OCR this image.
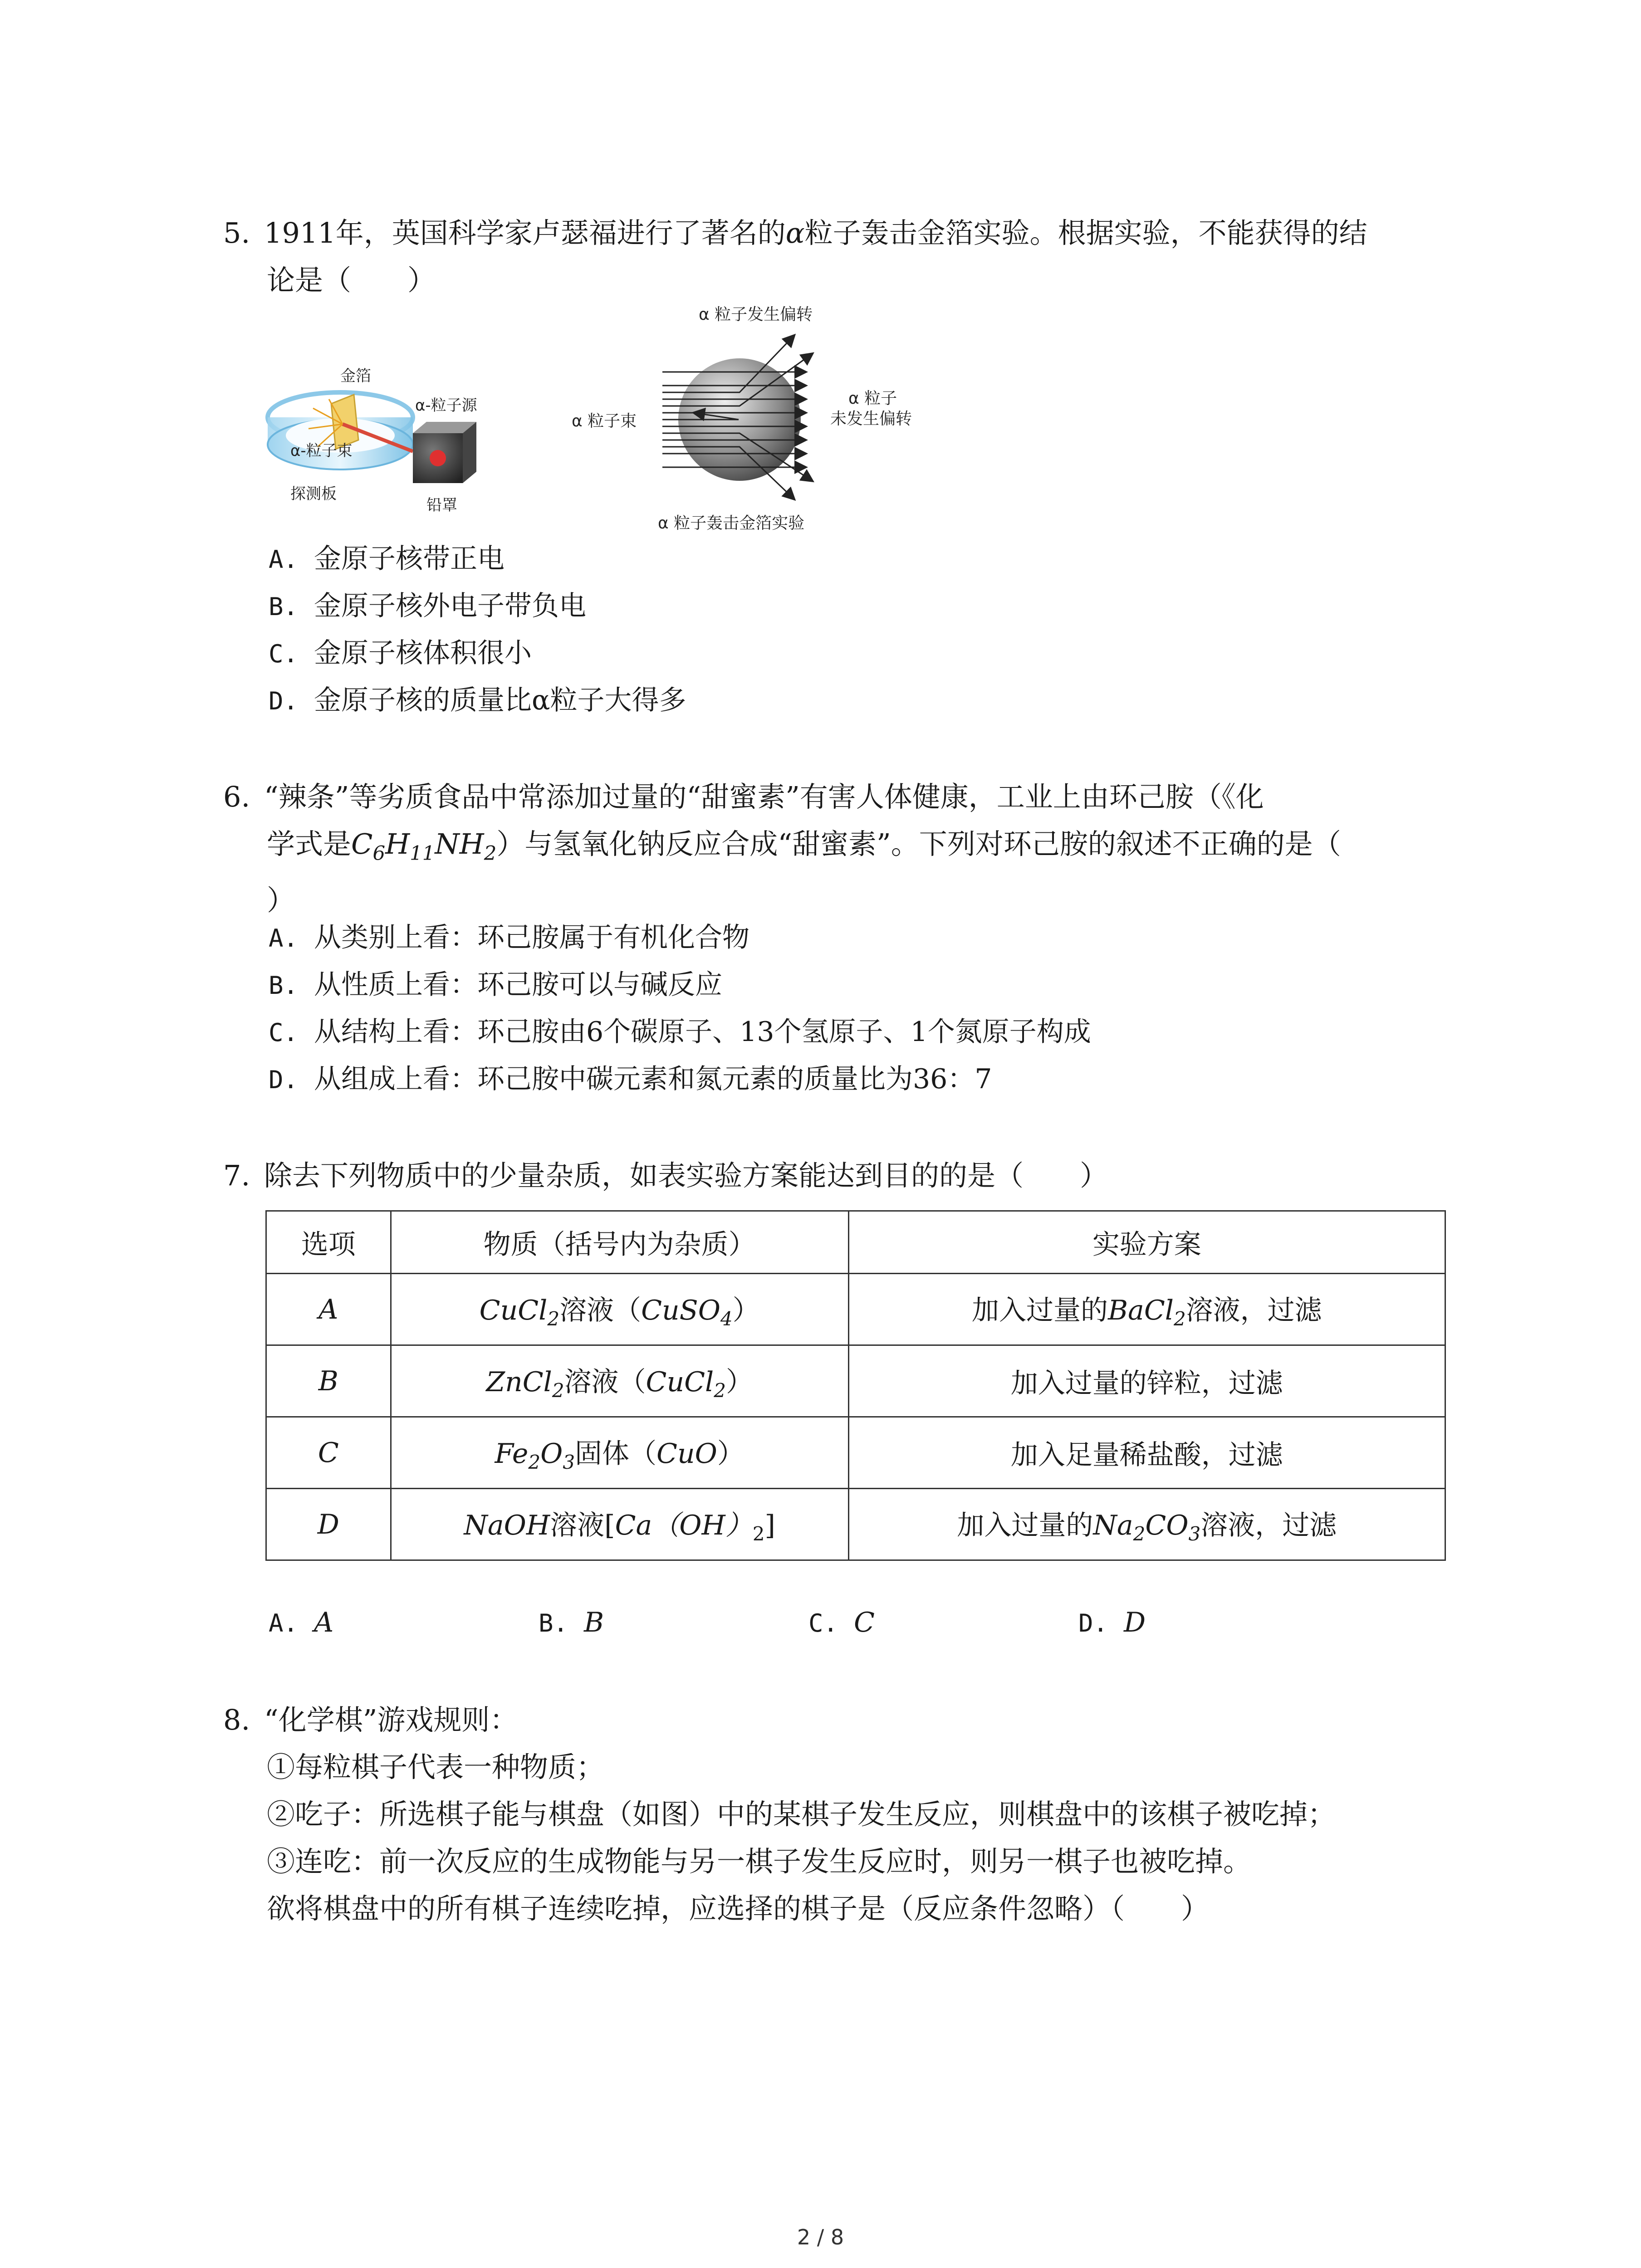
5. 1911年，英国科学家卢瑟福进行了著名的α粒子轰击金箔实验。根据实验，不能获得的结
论是（　　）
金箔
α-粒子源
α-粒子束
探测板
铅罩
α 粒子发生偏转
α 粒子束
α 粒子
未发生偏转
α 粒子轰击金箔实验
A. 金原子核带正电
B. 金原子核外电子带负电
C. 金原子核体积很小
D. 金原子核的质量比α粒子大得多
6. “辣条”等劣质食品中常添加过量的“甜蜜素”有害人体健康，工业上由环己胺（《化
学式是$C_6H_{11}NH_2$）与氢氧化钠反应合成“甜蜜素”。下列对环己胺的叙述不正确的是（
）
A. 从类别上看：环己胺属于有机化合物
B. 从性质上看：环己胺可以与碱反应
C. 从结构上看：环己胺由6个碳原子、13个氢原子、1个氮原子构成
D. 从组成上看：环己胺中碳元素和氮元素的质量比为36：7
7. 除去下列物质中的少量杂质，如表实验方案能达到目的的是（　　）
选项	物质（括号内为杂质）	实验方案
A	CuCl$_2$溶液（CuSO$_4$）	加入过量的BaCl$_2$溶液，过滤
B	ZnCl$_2$溶液（CuCl$_2$）	加入过量的锌粒，过滤
C	$Fe_2O_3$固体（CuO）	加入足量稀盐酸，过滤
D	NaOH溶液$[Ca(OH)_2]$	加入过量的$Na_2CO_3$溶液，过滤
A. A	B. B	C. C	D. D
8. “化学棋”游戏规则：
①每粒棋子代表一种物质；
②吃子：所选棋子能与棋盘（如图）中的某棋子发生反应，则棋盘中的该棋子被吃掉；
③连吃：前一次反应的生成物能与另一棋子发生反应时，则另一棋子也被吃掉。
欲将棋盘中的所有棋子连续吃掉，应选择的棋子是（反应条件忽略）（　　）
2 / 8
